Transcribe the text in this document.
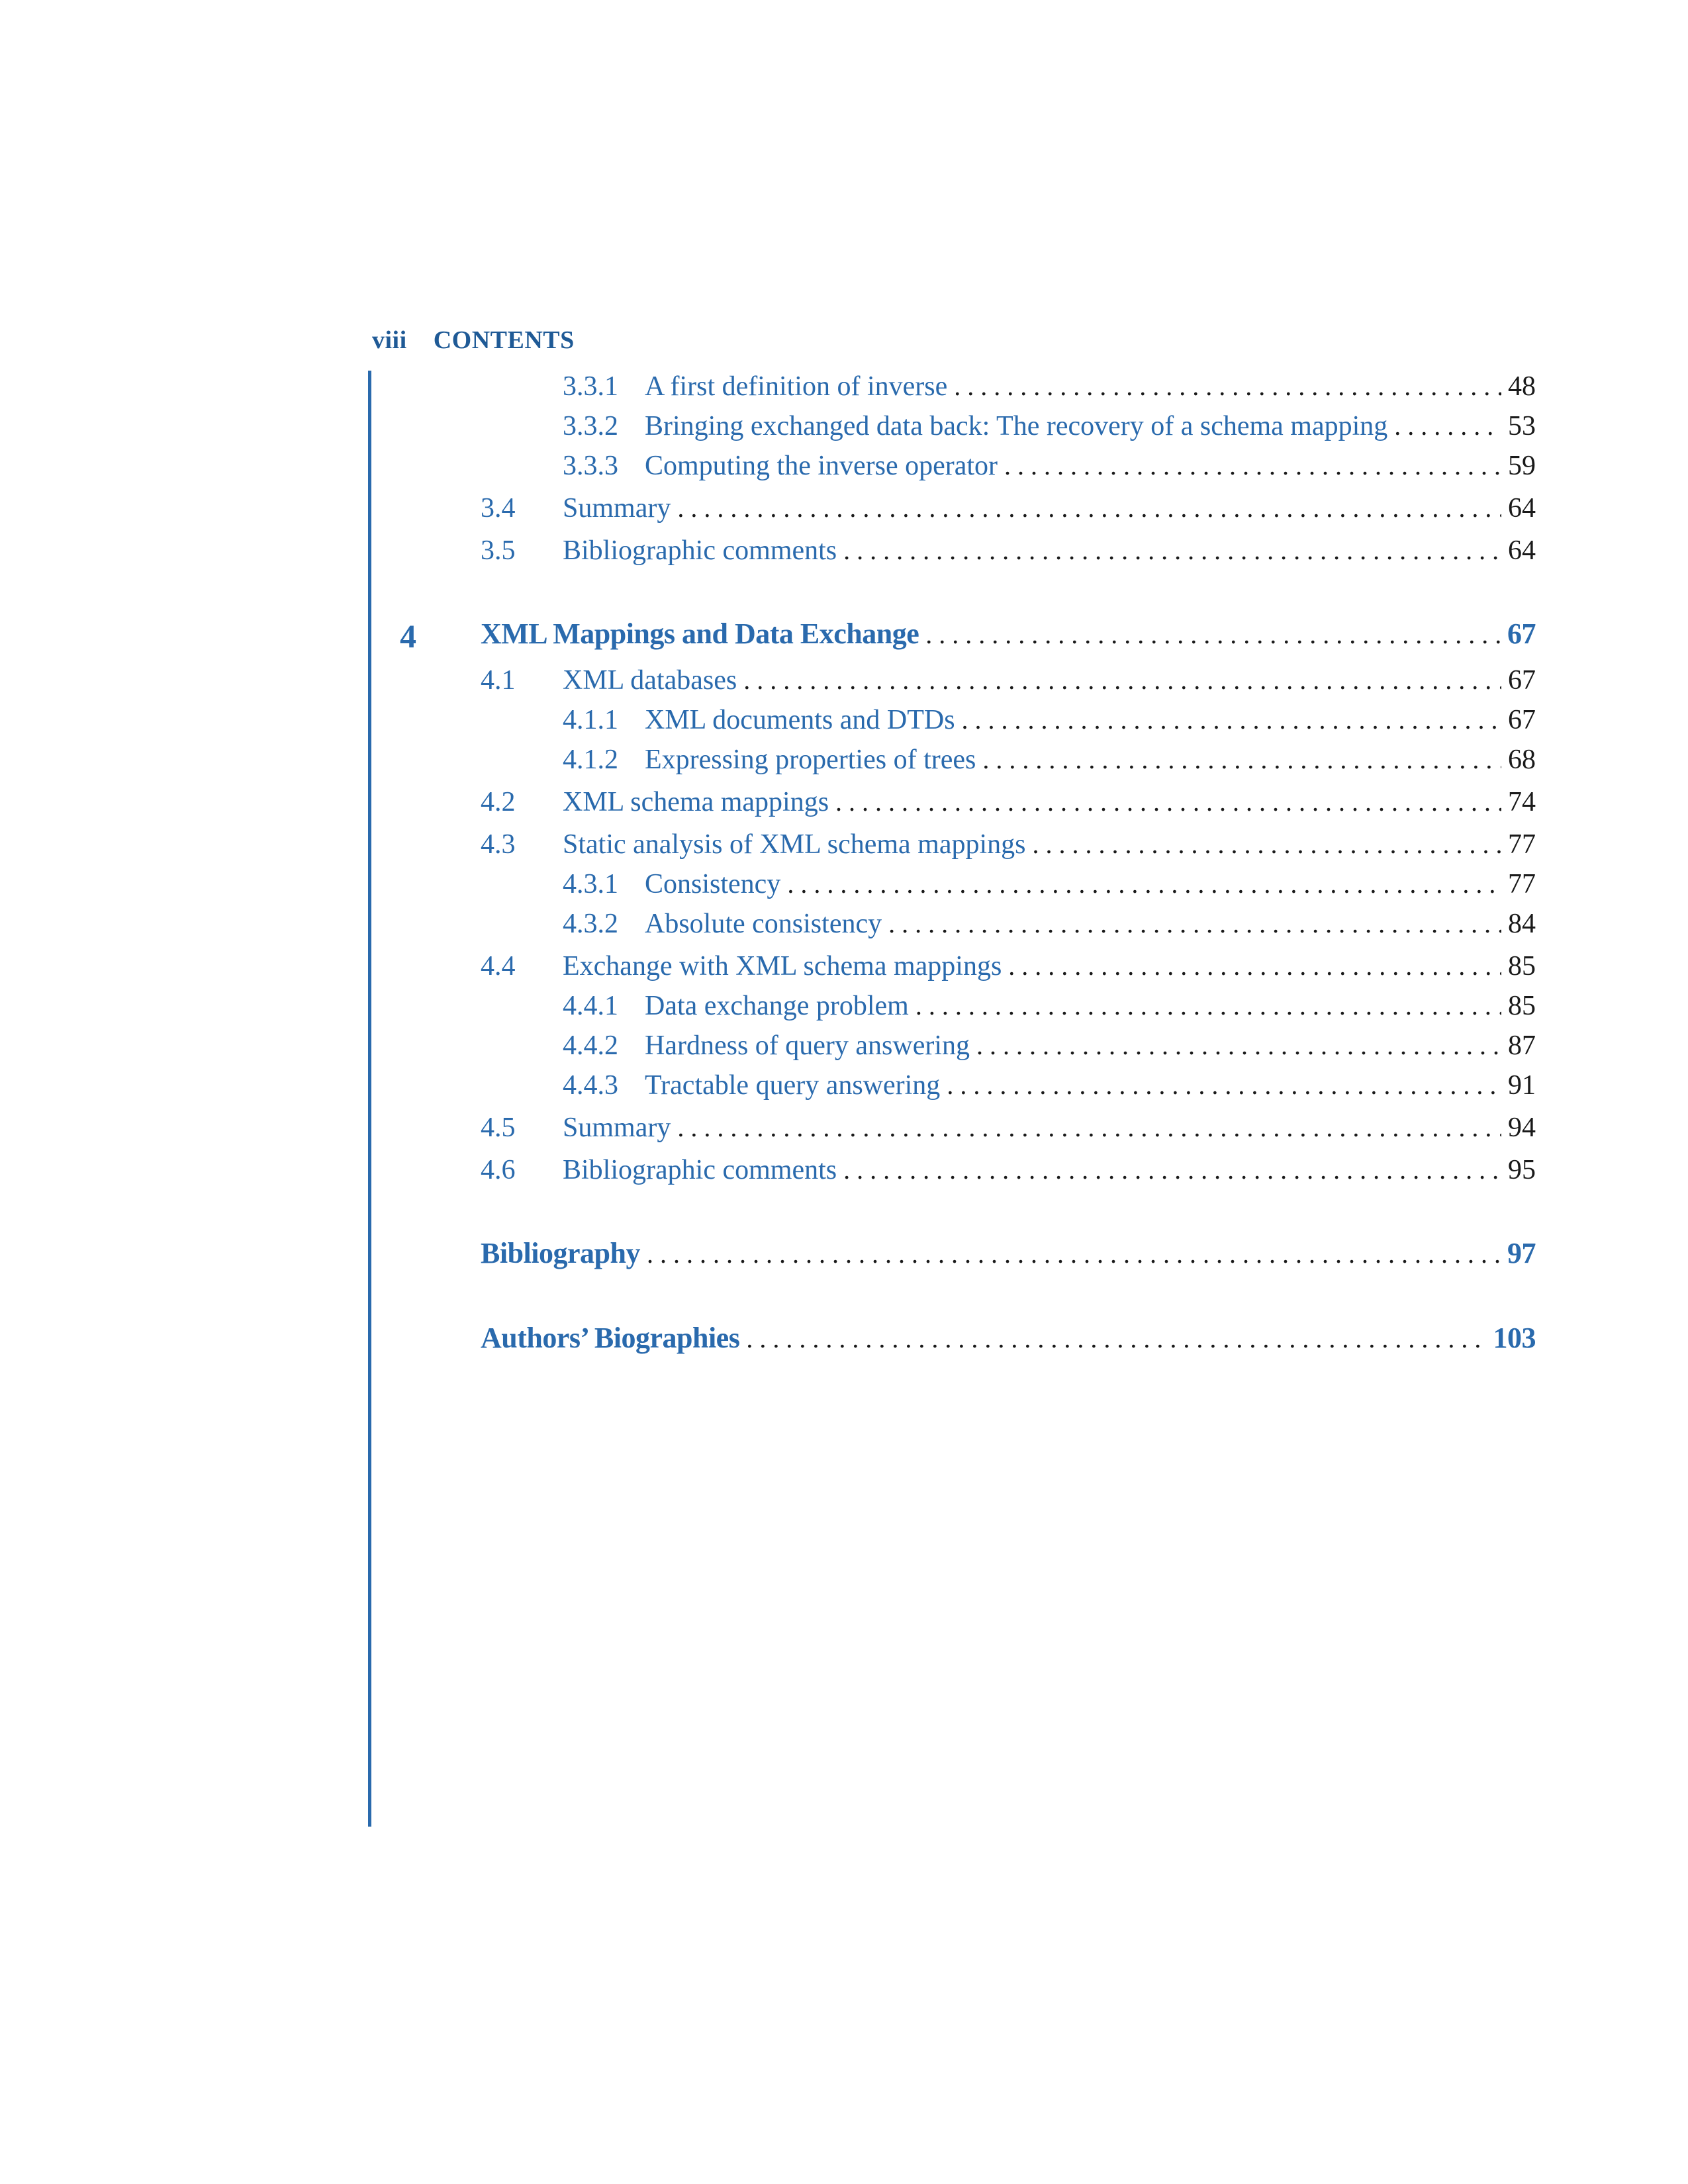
viii CONTENTS
3.3.1 A first definition of inverse . . .	48
3.3.2 Bringing exchanged data back: The recovery of a schema mapping . . .	53
3.3.3 Computing the inverse operator . . .	59
3.4	Summary . . .	64
3.5	Bibliographic comments . . .	64
4 XML Mappings and Data Exchange . . .	67
4.1	XML databases . . .	67
4.1.1 XML documents and DTDs . . .	67
4.1.2 Expressing properties of trees . . .	68
4.2	XML schema mappings . . .	74
4.3	Static analysis of XML schema mappings . . .	77
4.3.1 Consistency . . .	77
4.3.2 Absolute consistency . . .	84
4.4	Exchange with XML schema mappings . . .	85
4.4.1 Data exchange problem . . .	85
4.4.2 Hardness of query answering . . .	87
4.4.3 Tractable query answering . . .	91
4.5	Summary . . .	94
4.6	Bibliographic comments . . .	95
Bibliography . . .	97
Authors’ Biographies . . .	103
